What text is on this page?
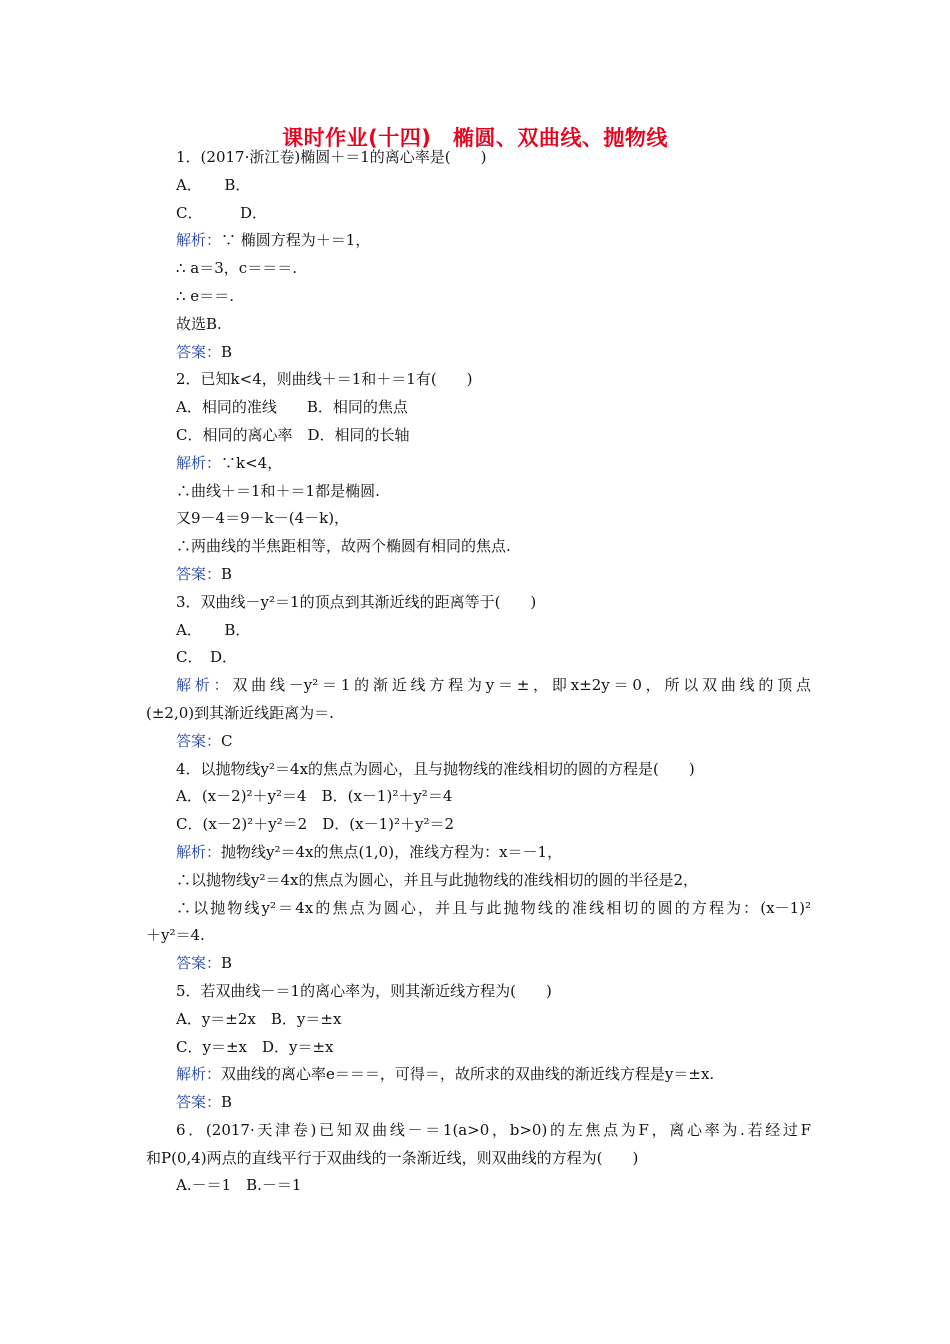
课时作业(十四)　椭圆、双曲线、抛物线
1．(2017·浙江卷)椭圆＋＝1的离心率是(　　)
A．　　B．
C．　　　D．
解析：∵ 椭圆方程为＋＝1，
∴ a＝3，c＝＝＝.
∴ e＝＝.
故选B.
答案：B
2．已知k<4，则曲线＋＝1和＋＝1有(　　)
A．相同的准线　　B．相同的焦点
C．相同的离心率　D．相同的长轴
解析：∵k<4，
∴曲线＋＝1和＋＝1都是椭圆.
又9－4＝9－k－(4－k)，
∴两曲线的半焦距相等，故两个椭圆有相同的焦点.
答案：B
3．双曲线－y²＝1的顶点到其渐近线的距离等于(　　)
A．　　B．
C．　D．
解析：双曲线－y²＝1的渐近线方程为y＝±，即x±2y＝0，所以双曲线的顶点
(±2,0)到其渐近线距离为＝.
答案：C
4．以抛物线y²＝4x的焦点为圆心，且与抛物线的准线相切的圆的方程是(　　)
A．(x－2)²＋y²＝4　B．(x－1)²＋y²＝4
C．(x－2)²＋y²＝2　D．(x－1)²＋y²＝2
解析：抛物线y²＝4x的焦点(1,0)，准线方程为：x＝－1，
∴以抛物线y²＝4x的焦点为圆心，并且与此抛物线的准线相切的圆的半径是2，
∴以抛物线y²＝4x的焦点为圆心，并且与此抛物线的准线相切的圆的方程为：(x－1)²
＋y²＝4.
答案：B
5．若双曲线－＝1的离心率为，则其渐近线方程为(　　)
A．y＝±2x　B．y＝±x
C．y＝±x　D．y＝±x
解析：双曲线的离心率e＝＝＝，可得＝，故所求的双曲线的渐近线方程是y＝±x.
答案：B
6．(2017·天津卷)已知双曲线－＝1(a>0，b>0)的左焦点为F，离心率为.若经过F
和P(0,4)两点的直线平行于双曲线的一条渐近线，则双曲线的方程为(　　)
A.－＝1　B.－＝1
